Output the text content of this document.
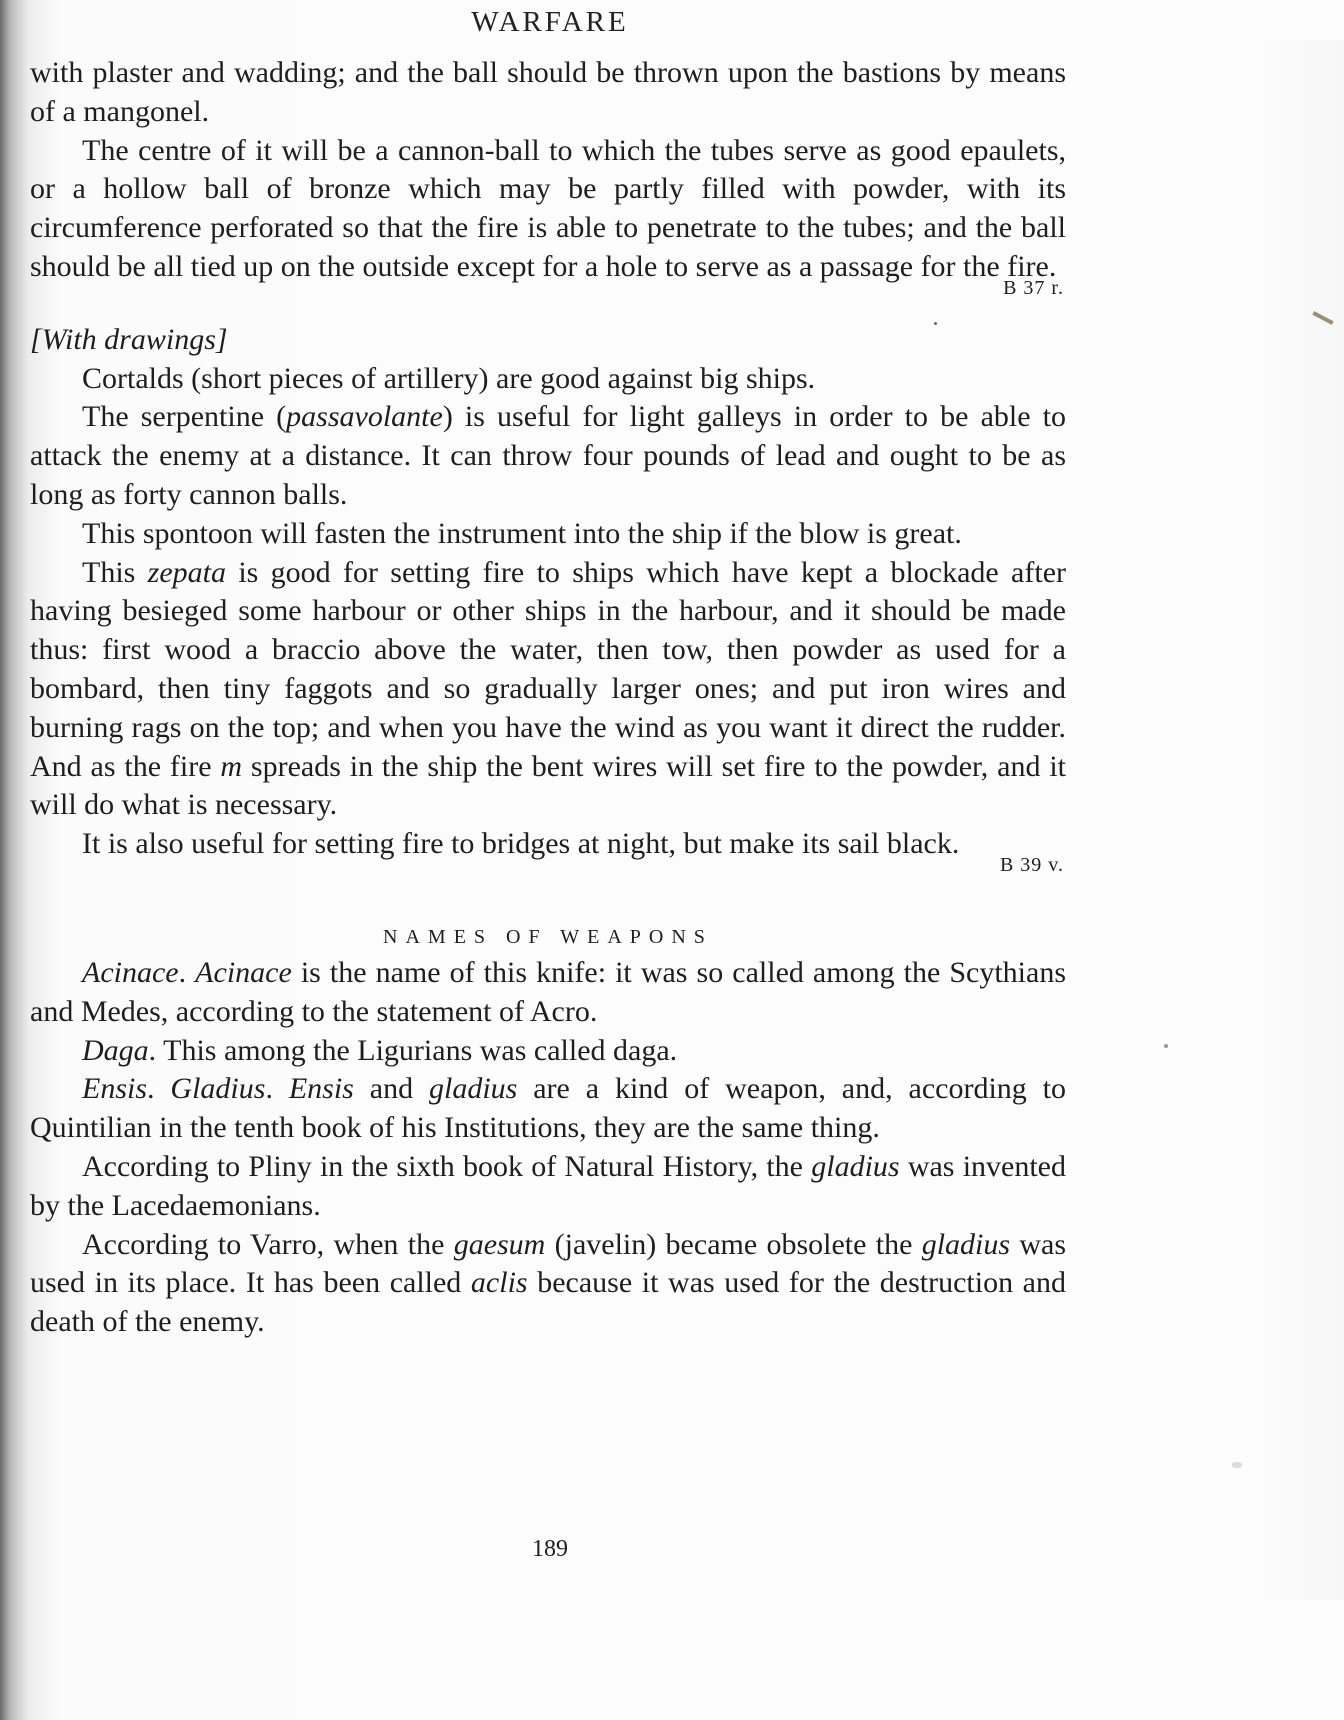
WARFARE

with plaster and wadding; and the ball should be thrown upon the bastions by means of a mangonel.

The centre of it will be a cannon-ball to which the tubes serve as good epaulets, or a hollow ball of bronze which may be partly filled with powder, with its circumference perforated so that the fire is able to penetrate to the tubes; and the ball should be all tied up on the outside except for a hole to serve as a passage for the fire.

B 37 r.

[With drawings]

Cortalds (short pieces of artillery) are good against big ships.

The serpentine (passavolante) is useful for light galleys in order to be able to attack the enemy at a distance. It can throw four pounds of lead and ought to be as long as forty cannon balls.

This spontoon will fasten the instrument into the ship if the blow is great.

This zepata is good for setting fire to ships which have kept a blockade after having besieged some harbour or other ships in the harbour, and it should be made thus: first wood a braccio above the water, then tow, then powder as used for a bombard, then tiny faggots and so gradually larger ones; and put iron wires and burning rags on the top; and when you have the wind as you want it direct the rudder. And as the fire m spreads in the ship the bent wires will set fire to the powder, and it will do what is necessary.

It is also useful for setting fire to bridges at night, but make its sail black.

B 39 v.
NAMES OF WEAPONS

Acinace. Acinace is the name of this knife: it was so called among the Scythians and Medes, according to the statement of Acro.

Daga. This among the Ligurians was called daga.

Ensis. Gladius. Ensis and gladius are a kind of weapon, and, according to Quintilian in the tenth book of his Institutions, they are the same thing.

According to Pliny in the sixth book of Natural History, the gladius was invented by the Lacedaemonians.

According to Varro, when the gaesum (javelin) became obsolete the gladius was used in its place. It has been called aclis because it was used for the destruction and death of the enemy.

189
